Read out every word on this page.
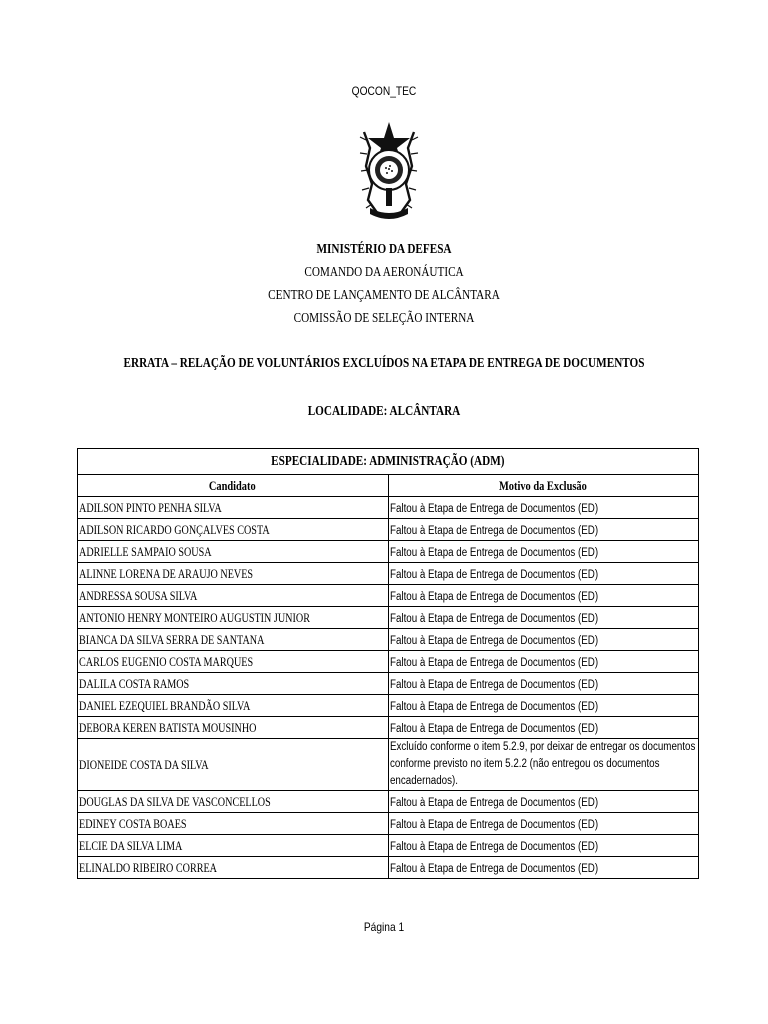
QOCON_TEC
MINISTÉRIO DA DEFESA
COMANDO DA AERONÁUTICA
CENTRO DE LANÇAMENTO DE ALCÂNTARA
COMISSÃO DE SELEÇÃO INTERNA
ERRATA – RELAÇÃO DE VOLUNTÁRIOS EXCLUÍDOS NA ETAPA DE ENTREGA DE DOCUMENTOS
LOCALIDADE: ALCÂNTARA
ESPECIALIDADE: ADMINISTRAÇÃO (ADM)	
Candidato	Motivo da Exclusão
ADILSON PINTO PENHA SILVA	Faltou à Etapa de Entrega de Documentos (ED)
ADILSON RICARDO GONÇALVES COSTA	Faltou à Etapa de Entrega de Documentos (ED)
ADRIELLE SAMPAIO SOUSA	Faltou à Etapa de Entrega de Documentos (ED)
ALINNE LORENA DE ARAUJO NEVES	Faltou à Etapa de Entrega de Documentos (ED)
ANDRESSA SOUSA SILVA	Faltou à Etapa de Entrega de Documentos (ED)
ANTONIO HENRY MONTEIRO AUGUSTIN JUNIOR	Faltou à Etapa de Entrega de Documentos (ED)
BIANCA DA SILVA SERRA DE SANTANA	Faltou à Etapa de Entrega de Documentos (ED)
CARLOS EUGENIO COSTA MARQUES	Faltou à Etapa de Entrega de Documentos (ED)
DALILA COSTA RAMOS	Faltou à Etapa de Entrega de Documentos (ED)
DANIEL EZEQUIEL BRANDÃO SILVA	Faltou à Etapa de Entrega de Documentos (ED)
DEBORA KEREN BATISTA MOUSINHO	Faltou à Etapa de Entrega de Documentos (ED)
DIONEIDE COSTA DA SILVA	Excluído conforme o item 5.2.9, por deixar de entregar os documentos conforme previsto no item 5.2.2 (não entregou os documentos encadernados).

DOUGLAS DA SILVA DE VASCONCELLOS	Faltou à Etapa de Entrega de Documentos (ED)
EDINEY COSTA BOAES	Faltou à Etapa de Entrega de Documentos (ED)
ELCIE DA SILVA LIMA	Faltou à Etapa de Entrega de Documentos (ED)
ELINALDO RIBEIRO CORREA	Faltou à Etapa de Entrega de Documentos (ED)
Página 1
